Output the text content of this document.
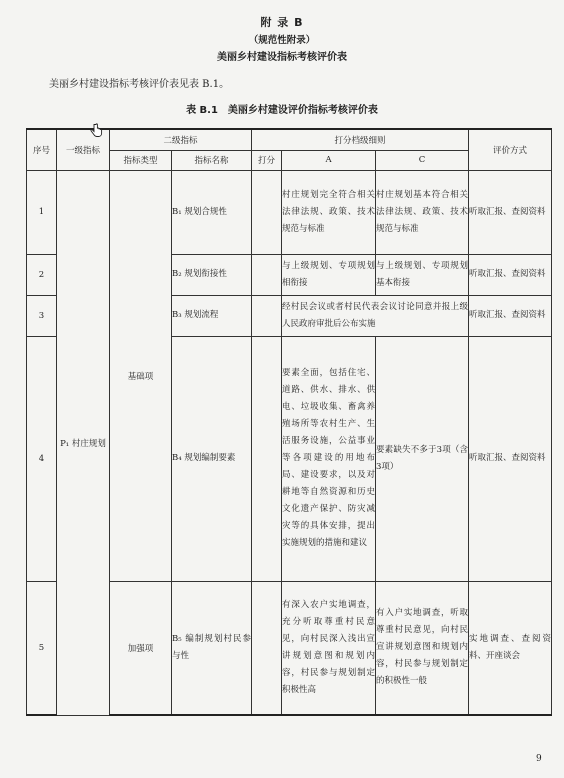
附 录 B
（规范性附录）
美丽乡村建设指标考核评价表
美丽乡村建设指标考核评价表见表 B.1。
表 B.1　美丽乡村建设评价指标考核评价表
序号	一级指标	二级指标		打分档级细则			评价方式
		指标类型	指标名称	打分	A	C	
1	P₁ 村庄规划	基础项	B₁ 规划合规性		村庄规划完全符合相关法律法规、政策、技术规范与标准	村庄规划基本符合相关法律法规、政策、技术规范与标准	听取汇报、查阅资料
2			B₂ 规划衔接性		与上级规划、专项规划相衔接	与上级规划、专项规划基本衔接	听取汇报、查阅资料
3			B₃ 规划流程		经村民会议或者村民代表会议讨论同意并报上级人民政府审批后公布实施		听取汇报、查阅资料
4			B₄ 规划编制要素		要素全面，包括住宅、道路、供水、排水、供电、垃圾收集、畜禽养殖场所等农村生产、生活服务设施，公益事业等各项建设的用地布局、建设要求，以及对耕地等自然资源和历史文化遗产保护、防灾减灾等的具体安排，提出实施规划的措施和建议	要素缺失不多于3项（含3项）	听取汇报、查阅资料
5		加强项	B₅ 编制规划村民参与性		有深入农户实地调查，充分听取尊重村民意见，向村民深入浅出宣讲规划意图和规划内容，村民参与规划制定积极性高	有入户实地调查，听取尊重村民意见，向村民宣讲规划意图和规划内容，村民参与规划制定的积极性一般	实地调查、查阅资料、开座谈会
9
